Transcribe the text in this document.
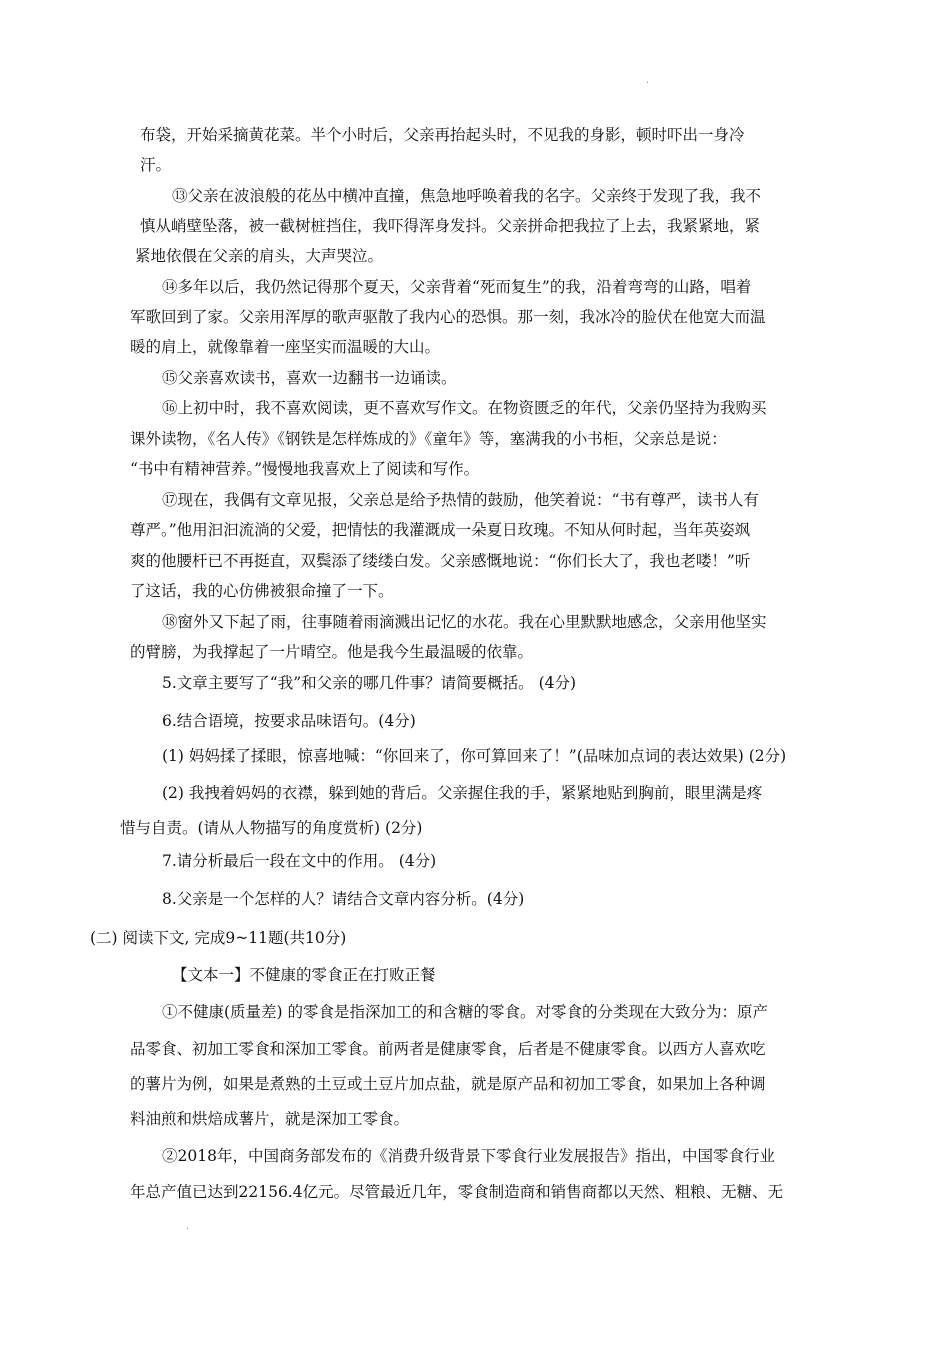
.
布袋，开始采摘黄花菜。半个小时后，父亲再抬起头时，不见我的身影，顿时吓出一身冷
汗。
⑬父亲在波浪般的花丛中横冲直撞，焦急地呼唤着我的名字。父亲终于发现了我，我不
慎从峭壁坠落，被一截树桩挡住，我吓得浑身发抖。父亲拼命把我拉了上去，我紧紧地，紧
紧地依偎在父亲的肩头，大声哭泣。
⑭多年以后，我仍然记得那个夏天，父亲背着“死而复生”的我，沿着弯弯的山路，唱着
军歌回到了家。父亲用浑厚的歌声驱散了我内心的恐惧。那一刻，我冰冷的脸伏在他宽大而温
暖的肩上，就像靠着一座坚实而温暖的大山。
⑮父亲喜欢读书，喜欢一边翻书一边诵读。
⑯上初中时，我不喜欢阅读，更不喜欢写作文。在物资匮乏的年代，父亲仍坚持为我购买
课外读物，《名人传》《钢铁是怎样炼成的》《童年》等，塞满我的小书柜，父亲总是说：
“书中有精神营养。”慢慢地我喜欢上了阅读和写作。
⑰现在，我偶有文章见报，父亲总是给予热情的鼓励，他笑着说：“书有尊严，读书人有
尊严。”他用汩汩流淌的父爱，把情怯的我灌溉成一朵夏日玫瑰。不知从何时起，当年英姿飒
爽的他腰杆已不再挺直，双鬓添了缕缕白发。父亲感慨地说：“你们长大了，我也老喽！”听
了这话，我的心仿佛被狠命撞了一下。
⑱窗外又下起了雨，往事随着雨滴溅出记忆的水花。我在心里默默地感念，父亲用他坚实
的臂膀，为我撑起了一片晴空。他是我今生最温暖的依靠。
5.文章主要写了“我”和父亲的哪几件事？请简要概括。 (4分)
6.结合语境，按要求品味语句。(4分)
(1) 妈妈揉了揉眼，惊喜地喊：“你回来了，你可算回来了！”(品味加点词的表达效果) (2分)
(2) 我拽着妈妈的衣襟，躲到她的背后。父亲握住我的手，紧紧地贴到胸前，眼里满是疼
惜与自责。(请从人物描写的角度赏析) (2分)
7.请分析最后一段在文中的作用。 (4分)
8.父亲是一个怎样的人？请结合文章内容分析。(4分)
(二) 阅读下文, 完成9~11题(共10分)
【文本一】不健康的零食正在打败正餐
①不健康(质量差) 的零食是指深加工的和含糖的零食。对零食的分类现在大致分为：原产
品零食、初加工零食和深加工零食。前两者是健康零食，后者是不健康零食。以西方人喜欢吃
的薯片为例，如果是煮熟的土豆或土豆片加点盐，就是原产品和初加工零食，如果加上各种调
料油煎和烘焙成薯片，就是深加工零食。
②2018年，中国商务部发布的《消费升级背景下零食行业发展报告》指出，中国零食行业
年总产值已达到22156.4亿元。尽管最近几年，零食制造商和销售商都以天然、粗粮、无糖、无
.
